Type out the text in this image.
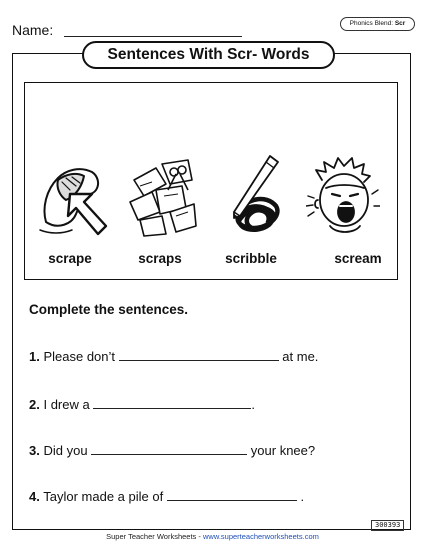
Name:	Phonics Blend: Scr
Sentences With Scr- Words
scrape	scraps	scribble	scream
Complete the sentences.
1. Please don’t	at me.
2. I drew a	.
3. Did you	your knee?
4. Taylor made a pile of	.
300393
Super Teacher Worksheets - www.superteacherworksheets.com
